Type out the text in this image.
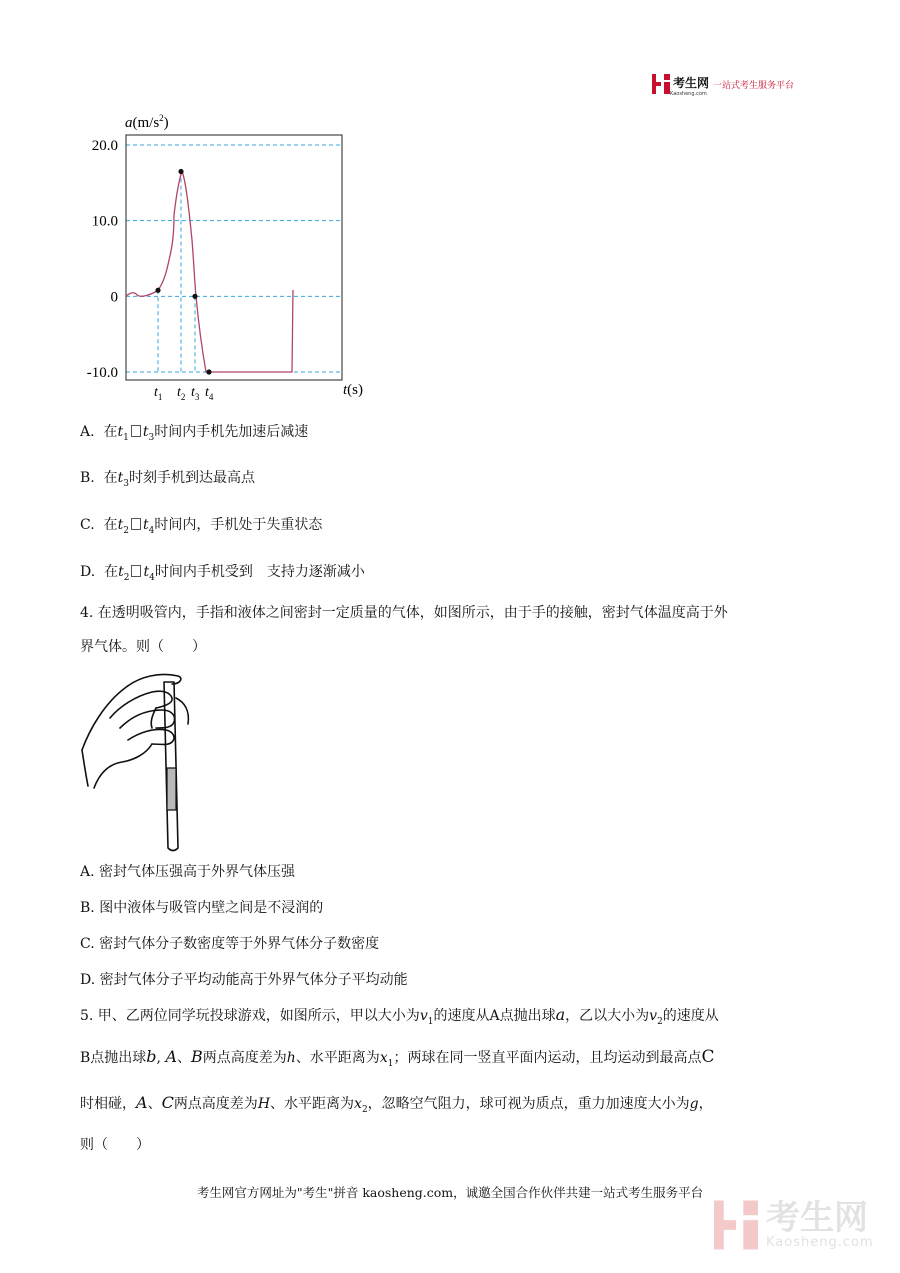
考生网
Kaosheng.com
一站式考生服务平台
$a(m/s^2)$
20.0
10.0
0
-10.0
$t_1$ $t_2$ $t_3$ $t_4$	t(s)
A. 在$t_1$ $t_3$时间内手机先加速后减速
B. 在$t_3$时刻手机到达最高点
C. 在$t_2$ $t_4$时间内，手机处于失重状态
D. 在$t_2$ $t_4$时间内手机受到　支持力逐渐减小
4. 在透明吸管内，手指和液体之间密封一定质量的气体，如图所示，由于手的接触，密封气体温度高于外
界气体。则（　　）
A. 密封气体压强高于外界气体压强
B. 图中液体与吸管内壁之间是不浸润的
C. 密封气体分子数密度等于外界气体分子数密度
D. 密封气体分子平均动能高于外界气体分子平均动能
5. 甲、乙两位同学玩投球游戏，如图所示，甲以大小为$v_1$的速度从A点抛出球a，乙以大小为$v_2$的速度从
B点抛出球b, A、B两点高度差为h、水平距离为$x_1$；两球在同一竖直平面内运动，且均运动到最高点C
时相碰，A、C两点高度差为H、水平距离为$x_2$，忽略空气阻力，球可视为质点，重力加速度大小为g，
则（　　）
考生网官方网址为"考生"拼音 kaosheng.com，诚邀全国合作伙伴共建一站式考生服务平台
考生网
Kaosheng.com
